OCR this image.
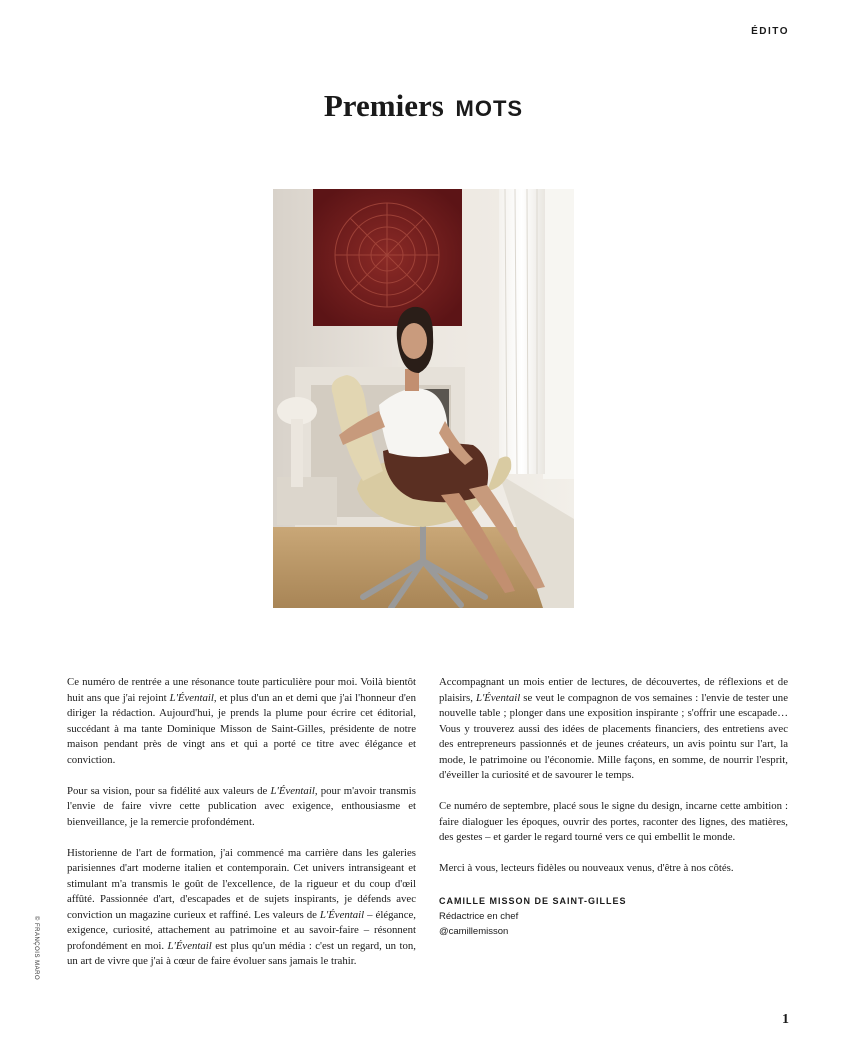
ÉDITO
Premiers MOTS
© FRANÇOIS MARO

Ce numéro de rentrée a une résonance toute particulière pour moi. Voilà bientôt huit ans que j'ai rejoint L'Éventail, et plus d'un an et demi que j'ai l'honneur d'en diriger la rédaction. Aujourd'hui, je prends la plume pour écrire cet éditorial, succédant à ma tante Dominique Misson de Saint-Gilles, présidente de notre maison pendant près de vingt ans et qui a porté ce titre avec élégance et conviction.

Pour sa vision, pour sa fidélité aux valeurs de L'Éventail, pour m'avoir transmis l'envie de faire vivre cette publication avec exigence, enthousiasme et bienveillance, je la remercie profondément.

Historienne de l'art de formation, j'ai commencé ma carrière dans les galeries parisiennes d'art moderne italien et contemporain. Cet univers intransigeant et stimulant m'a transmis le goût de l'excellence, de la rigueur et du coup d'œil affûté. Passionnée d'art, d'escapades et de sujets inspirants, je défends avec conviction un magazine curieux et raffiné. Les valeurs de L'Éventail – élégance, exigence, curiosité, attachement au patrimoine et au savoir-faire – résonnent profondément en moi. L'Éventail est plus qu'un média : c'est un regard, un ton, un art de vivre que j'ai à cœur de faire évoluer sans jamais le trahir.

Accompagnant un mois entier de lectures, de découvertes, de réflexions et de plaisirs, L'Éventail se veut le compagnon de vos semaines : l'envie de tester une nouvelle table ; plonger dans une exposition inspirante ; s'offrir une escapade… Vous y trouverez aussi des idées de placements financiers, des entretiens avec des entrepreneurs passionnés et de jeunes créateurs, un avis pointu sur l'art, la mode, le patrimoine ou l'économie. Mille façons, en somme, de nourrir l'esprit, d'éveiller la curiosité et de savourer le temps.

Ce numéro de septembre, placé sous le signe du design, incarne cette ambition : faire dialoguer les époques, ouvrir des portes, raconter des lignes, des matières, des gestes – et garder le regard tourné vers ce qui embellit le monde.

Merci à vous, lecteurs fidèles ou nouveaux venus, d'être à nos côtés.

CAMILLE MISSON DE SAINT-GILLES
Rédactrice en chef
@camillemisson
1
